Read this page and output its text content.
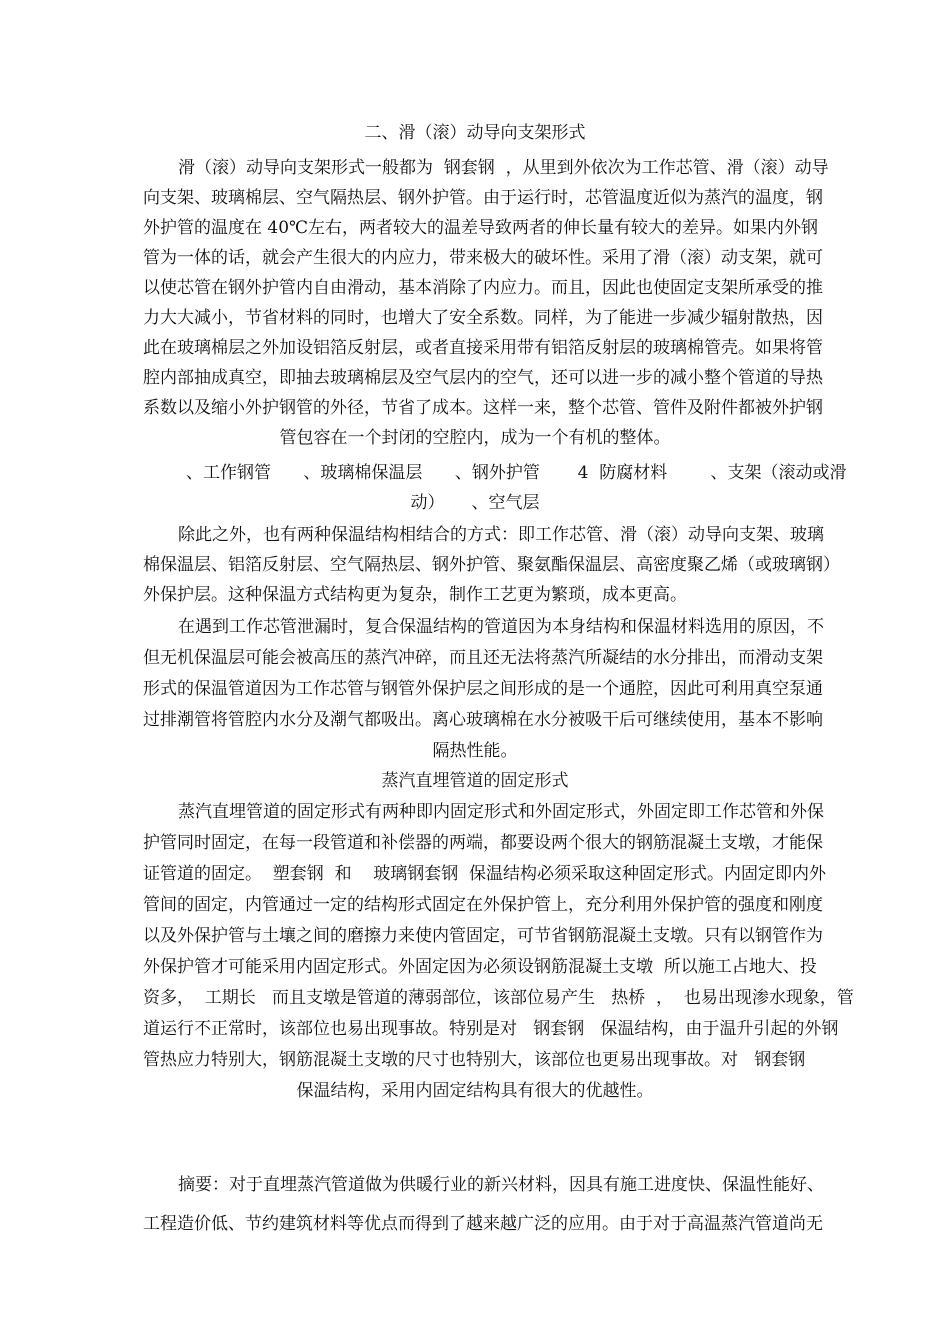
二、滑（滚）动导向支架形式
滑（滚）动导向支架形式一般都为  钢套钢  ，从里到外依次为工作芯管、滑（滚）动导
向支架、玻璃棉层、空气隔热层、钢外护管。由于运行时，芯管温度近似为蒸汽的温度，钢
外护管的温度在 40℃左右，两者较大的温差导致两者的伸长量有较大的差异。如果内外钢
管为一体的话，就会产生很大的内应力，带来极大的破坏性。采用了滑（滚）动支架，就可
以使芯管在钢外护管内自由滑动，基本消除了内应力。而且，因此也使固定支架所承受的推
力大大减小，节省材料的同时，也增大了安全系数。同样，为了能进一步减少辐射散热，因
此在玻璃棉层之外加设铝箔反射层，或者直接采用带有铝箔反射层的玻璃棉管壳。如果将管
腔内部抽成真空，即抽去玻璃棉层及空气层内的空气，还可以进一步的减小整个管道的导热
系数以及缩小外护钢管的外径，节省了成本。这样一来，整个芯管、管件及附件都被外护钢
管包容在一个封闭的空腔内，成为一个有机的整体。
、工作钢管      、玻璃棉保温层      、钢外护管       4  防腐材料        、支架（滚动或滑
动）     、空气层
除此之外，也有两种保温结构相结合的方式：即工作芯管、滑（滚）动导向支架、玻璃
棉保温层、铝箔反射层、空气隔热层、钢外护管、聚氨酯保温层、高密度聚乙烯（或玻璃钢）
外保护层。这种保温方式结构更为复杂，制作工艺更为繁琐，成本更高。
在遇到工作芯管泄漏时，复合保温结构的管道因为本身结构和保温材料选用的原因，不
但无机保温层可能会被高压的蒸汽冲碎，而且还无法将蒸汽所凝结的水分排出，而滑动支架
形式的保温管道因为工作芯管与钢管外保护层之间形成的是一个通腔，因此可利用真空泵通
过排潮管将管腔内水分及潮气都吸出。离心玻璃棉在水分被吸干后可继续使用，基本不影响
隔热性能。
蒸汽直埋管道的固定形式
蒸汽直埋管道的固定形式有两种即内固定形式和外固定形式，外固定即工作芯管和外保
护管同时固定，在每一段管道和补偿器的两端，都要设两个很大的钢筋混凝土支墩，才能保
证管道的固定。  塑套钢  和    玻璃钢套钢  保温结构必须采取这种固定形式。内固定即内外
管间的固定，内管通过一定的结构形式固定在外保护管上，充分利用外保护管的强度和刚度
以及外保护管与土壤之间的磨擦力来使内管固定，可节省钢筋混凝土支墩。只有以钢管作为
外保护管才可能采用内固定形式。外固定因为必须设钢筋混凝土支墩  所以施工占地大、投
资多，  工期长   而且支墩是管道的薄弱部位，该部位易产生   热桥  ，  也易出现渗水现象，管
道运行不正常时，该部位也易出现事故。特别是对   钢套钢   保温结构，由于温升引起的外钢
管热应力特别大，钢筋混凝土支墩的尺寸也特别大，该部位也更易出现事故。对   钢套钢
保温结构，采用内固定结构具有很大的优越性。
摘要：对于直埋蒸汽管道做为供暖行业的新兴材料，因具有施工进度快、保温性能好、
工程造价低、节约建筑材料等优点而得到了越来越广泛的应用。由于对于高温蒸汽管道尚无
